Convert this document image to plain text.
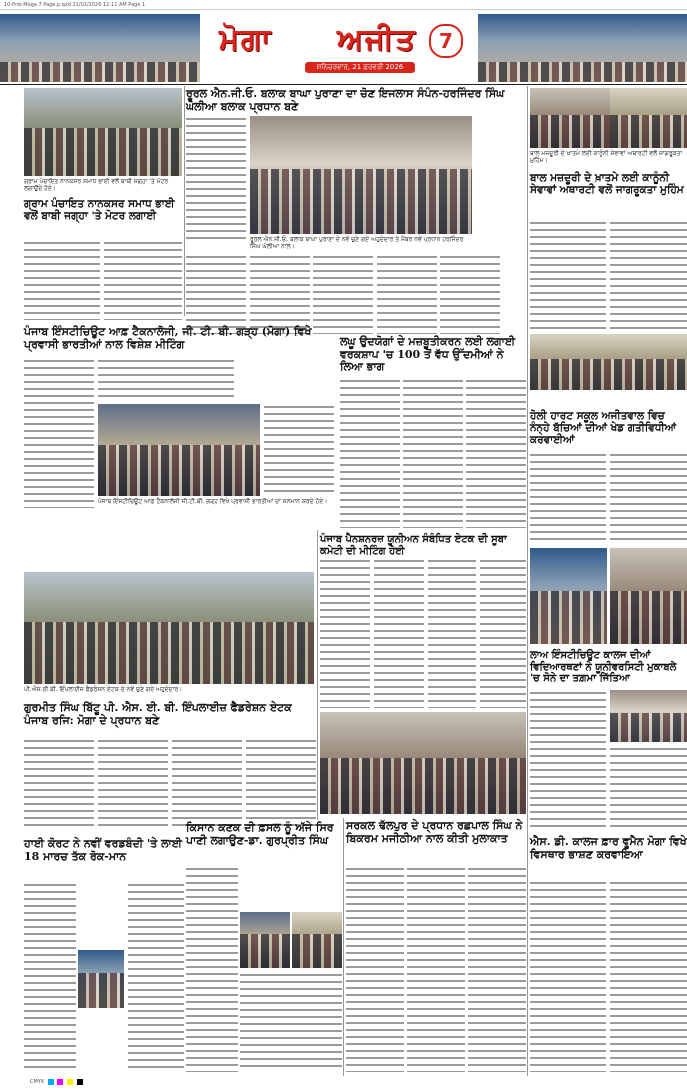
10-Pnb-Moga 7 Page.p.qxd 21/02/2026 12:11 AM Page 1
ਮੋਗਾ ਅਜੀਤ
ਸ਼ਨਿਚਰਵਾਰ, 21 ਫ਼ਰਵਰੀ 2026
7
ਰੂਰਲ ਐਨ.ਜੀ.ਓ. ਬਲਾਕ ਬਾਘਾ ਪੁਰਾਣਾ ਦਾ ਚੋਣ ਇਜਲਾਸ ਸੰਪੰਨ-ਹਰਜਿੰਦਰ ਸਿੰਘ ਘੋਲੀਆ ਬਲਾਕ ਪ੍ਰਧਾਨ ਬਣੇ
ਰੂਰਲ ਐਨ.ਜੀ.ਓ. ਬਲਾਕ ਬਾਘਾ ਪੁਰਾਣਾ ਦੇ ਨਵੇਂ ਚੁਣੇ ਗਏ ਅਹੁਦੇਦਾਰ ਤੇ ਮੈਂਬਰ ਨਵੇਂ ਪ੍ਰਧਾਨ ਹਰਜਿੰਦਰ ਸਿੰਘ ਘੋਲੀਆ ਨਾਲ।
ਗ੍ਰਾਮ ਪੰਚਾਇਤ ਨਾਨਕਸਰ ਸਮਾਧ ਭਾਈ ਵਲੋਂ ਬਾਬੀ ਜਗ੍ਹਾ 'ਤੇ ਮੋਟਰ ਲਗਾਉਂਦੇ ਹੋਏ।
ਗ੍ਰਾਮ ਪੰਚਾਇਤ ਨਾਨਕਸਰ ਸਮਾਧ ਭਾਈ ਵਲੋਂ ਬਾਬੀ ਜਗ੍ਹਾ 'ਤੇ ਮੋਟਰ ਲਗਾਈ
ਬਾਲ ਮਜ਼ਦੂਰੀ ਦੇ ਖ਼ਾਤਮੇ ਲਈ ਕਾਨੂੰਨੀ ਸੇਵਾਵਾਂ ਅਥਾਰਟੀ ਵਲੋਂ ਜਾਗਰੂਕਤਾ ਮੁਹਿੰਮ।
ਬਾਲ ਮਜ਼ਦੂਰੀ ਦੇ ਖ਼ਾਤਮੇ ਲਈ ਕਾਨੂੰਨੀ ਸੇਵਾਵਾਂ ਅਥਾਰਟੀ ਵਲੋਂ ਜਾਗਰੂਕਤਾ ਮੁਹਿੰਮ
ਪੰਜਾਬ ਇੰਸਟੀਚਿਊਟ ਆਫ਼ ਟੈਕਨਾਲੋਜੀ, ਜੀ. ਟੀ. ਬੀ. ਗੜ੍ਹ (ਮੋਗਾ) ਵਿਖੇ ਪ੍ਰਵਾਸੀ ਭਾਰਤੀਆਂ ਨਾਲ ਵਿਸ਼ੇਸ਼ ਮੀਟਿੰਗ
ਪੰਜਾਬ ਇੰਸਟੀਚਿਊਟ ਆਫ਼ ਟੈਕਨਾਲੋਜੀ ਜੀ.ਟੀ.ਬੀ. ਗੜ੍ਹ ਵਿਖੇ ਪ੍ਰਵਾਸੀ ਭਾਰਤੀਆਂ ਦਾ ਸਨਮਾਨ ਕਰਦੇ ਹੋਏ।
ਲਘੂ ਉਦਯੋਗਾਂ ਦੇ ਮਜ਼ਬੂਤੀਕਰਨ ਲਈ ਲਗਾਈ ਵਰਕਸ਼ਾਪ 'ਚ 100 ਤੋਂ ਵੱਧ ਉੱਦਮੀਆਂ ਨੇ ਲਿਆ ਭਾਗ
ਹੋਲੀ ਹਾਰਟ ਸਕੂਲ ਅਜੀਤਵਾਲ ਵਿਚ ਨੰਨ੍ਹੇ ਬੱਚਿਆਂ ਦੀਆਂ ਖੇਡ ਗਤੀਵਿਧੀਆਂ ਕਰਵਾਈਆਂ
ਪੰਜਾਬ ਪੈਨਸ਼ਨਰਜ਼ ਯੂਨੀਅਨ ਸੰਬੰਧਿਤ ਏਟਕ ਦੀ ਸੂਬਾ ਕਮੇਟੀ ਦੀ ਮੀਟਿੰਗ ਹੋਈ
ਪੀ.ਐਸ.ਈ.ਬੀ. ਇੰਪਲਾਈਜ਼ ਫੈਡਰੇਸ਼ਨ ਏਟਕ ਦੇ ਨਵੇਂ ਚੁਣੇ ਗਏ ਅਹੁਦੇਦਾਰ।
ਗੁਰਮੀਤ ਸਿੰਘ ਬਿੱਟੂ ਪੀ. ਐਸ. ਈ. ਬੀ. ਇੰਪਲਾਈਜ਼ ਫੈਡਰੇਸ਼ਨ ਏਟਕ ਪੰਜਾਬ ਰਜਿ: ਮੋਗਾ ਦੇ ਪ੍ਰਧਾਨ ਬਣੇ
ਲਾਅ ਇੰਸਟੀਚਿਊਟ ਕਾਲਜ ਦੀਆਂ ਵਿਦਿਆਰਥਣਾਂ ਨੇ ਯੂਨੀਵਰਸਿਟੀ ਮੁਕਾਬਲੇ 'ਚ ਸੋਨੇ ਦਾ ਤਗ਼ਮਾ ਜਿੱਤਿਆ
ਹਾਈ ਕੋਰਟ ਨੇ ਨਵੀਂ ਵਰਡਬੰਦੀ 'ਤੇ ਲਾਈ 18 ਮਾਰਚ ਤੱਕ ਰੋਕ-ਮਾਨ
ਕਿਸਾਨ ਕਣਕ ਦੀ ਫ਼ਸਲ ਨੂੰ ਅੱਜੇ ਸਿਰ ਪਾਣੀ ਲਗਾਉਣ-ਡਾ. ਗੁਰਪ੍ਰੀਤ ਸਿੰਘ
ਸਰਕਲ ਢੱਲਪੁਰ ਦੇ ਪ੍ਰਧਾਨ ਰਛਪਾਲ ਸਿੰਘ ਨੇ ਬਿਕਰਮ ਮਜੀਠੀਆ ਨਾਲ ਕੀਤੀ ਮੁਲਾਕਾਤ	ਐਸ. ਡੀ. ਕਾਲਜ ਫ਼ਾਰ ਵੂਮੈਨ ਮੋਗਾ ਵਿਖੇ ਵਿਸਥਾਰ ਭਾਸ਼ਣ ਕਰਵਾਇਆ
CMYK
